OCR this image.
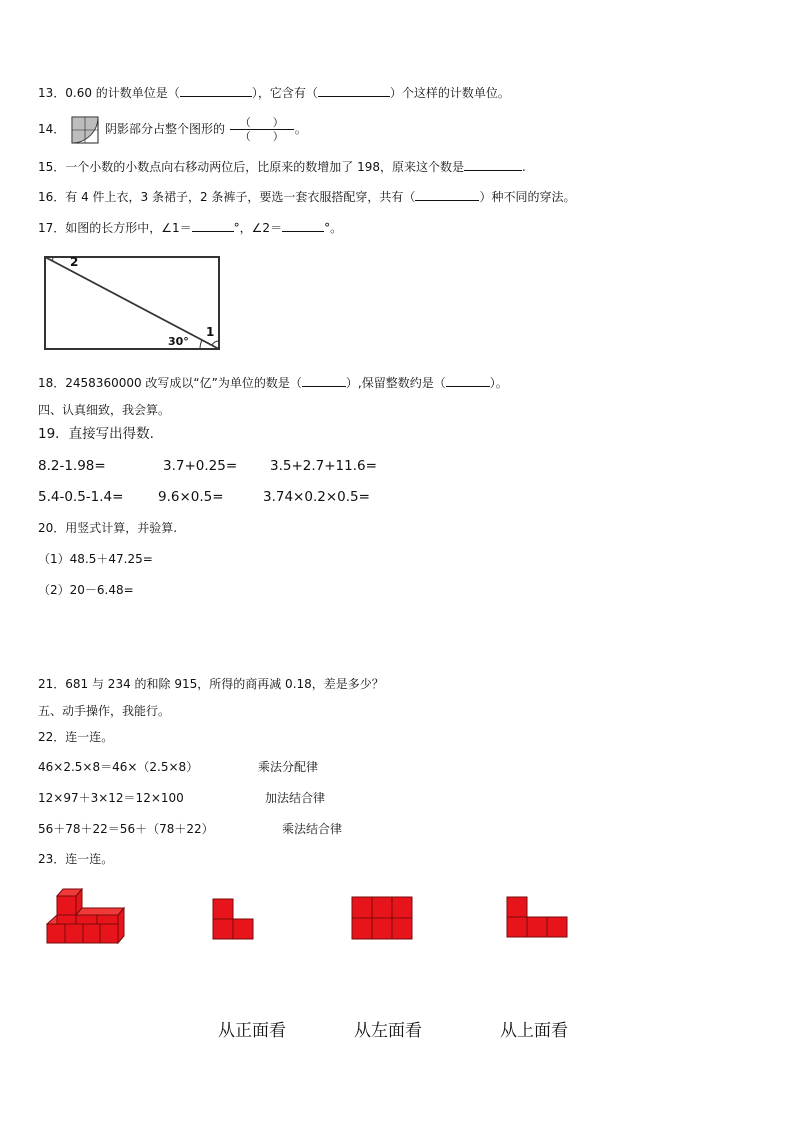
13．0.60 的计数单位是（	），它含有（	）个这样的计数单位。
14．	阴影部分占整个图形的 $\frac{( )}{( )}$ 。
15．一个小数的小数点向右移动两位后，比原来的数增加了 198，原来这个数是	.
16．有 4 件上衣，3 条裙子，2 条裤子，要选一套衣服搭配穿，共有（	）种不同的穿法。
17．如图的长方形中，∠1＝	°，∠2＝	°。
2
1
30°
18．2458360000 改写成以“亿”为单位的数是（	）,保留整数约是（	）。
四、认真细致，我会算。
19．直接写出得数.
8.2-1.98=	3.7+0.25= 3.5+2.7+11.6=
5.4-0.5-1.4=	9.6×0.5=	3.74×0.2×0.5=
20．用竖式计算，并验算.
（1）48.5＋47.25=
（2）20－6.48=
21．681 与 234 的和除 915，所得的商再减 0.18，差是多少？
五、动手操作，我能行。
22．连一连。
46×2.5×8＝46×（2.5×8）	乘法分配律
12×97＋3×12＝12×100	加法结合律
56＋78＋22＝56＋（78＋22）	乘法结合律
23．连一连。
从正面看	从左面看	从上面看
